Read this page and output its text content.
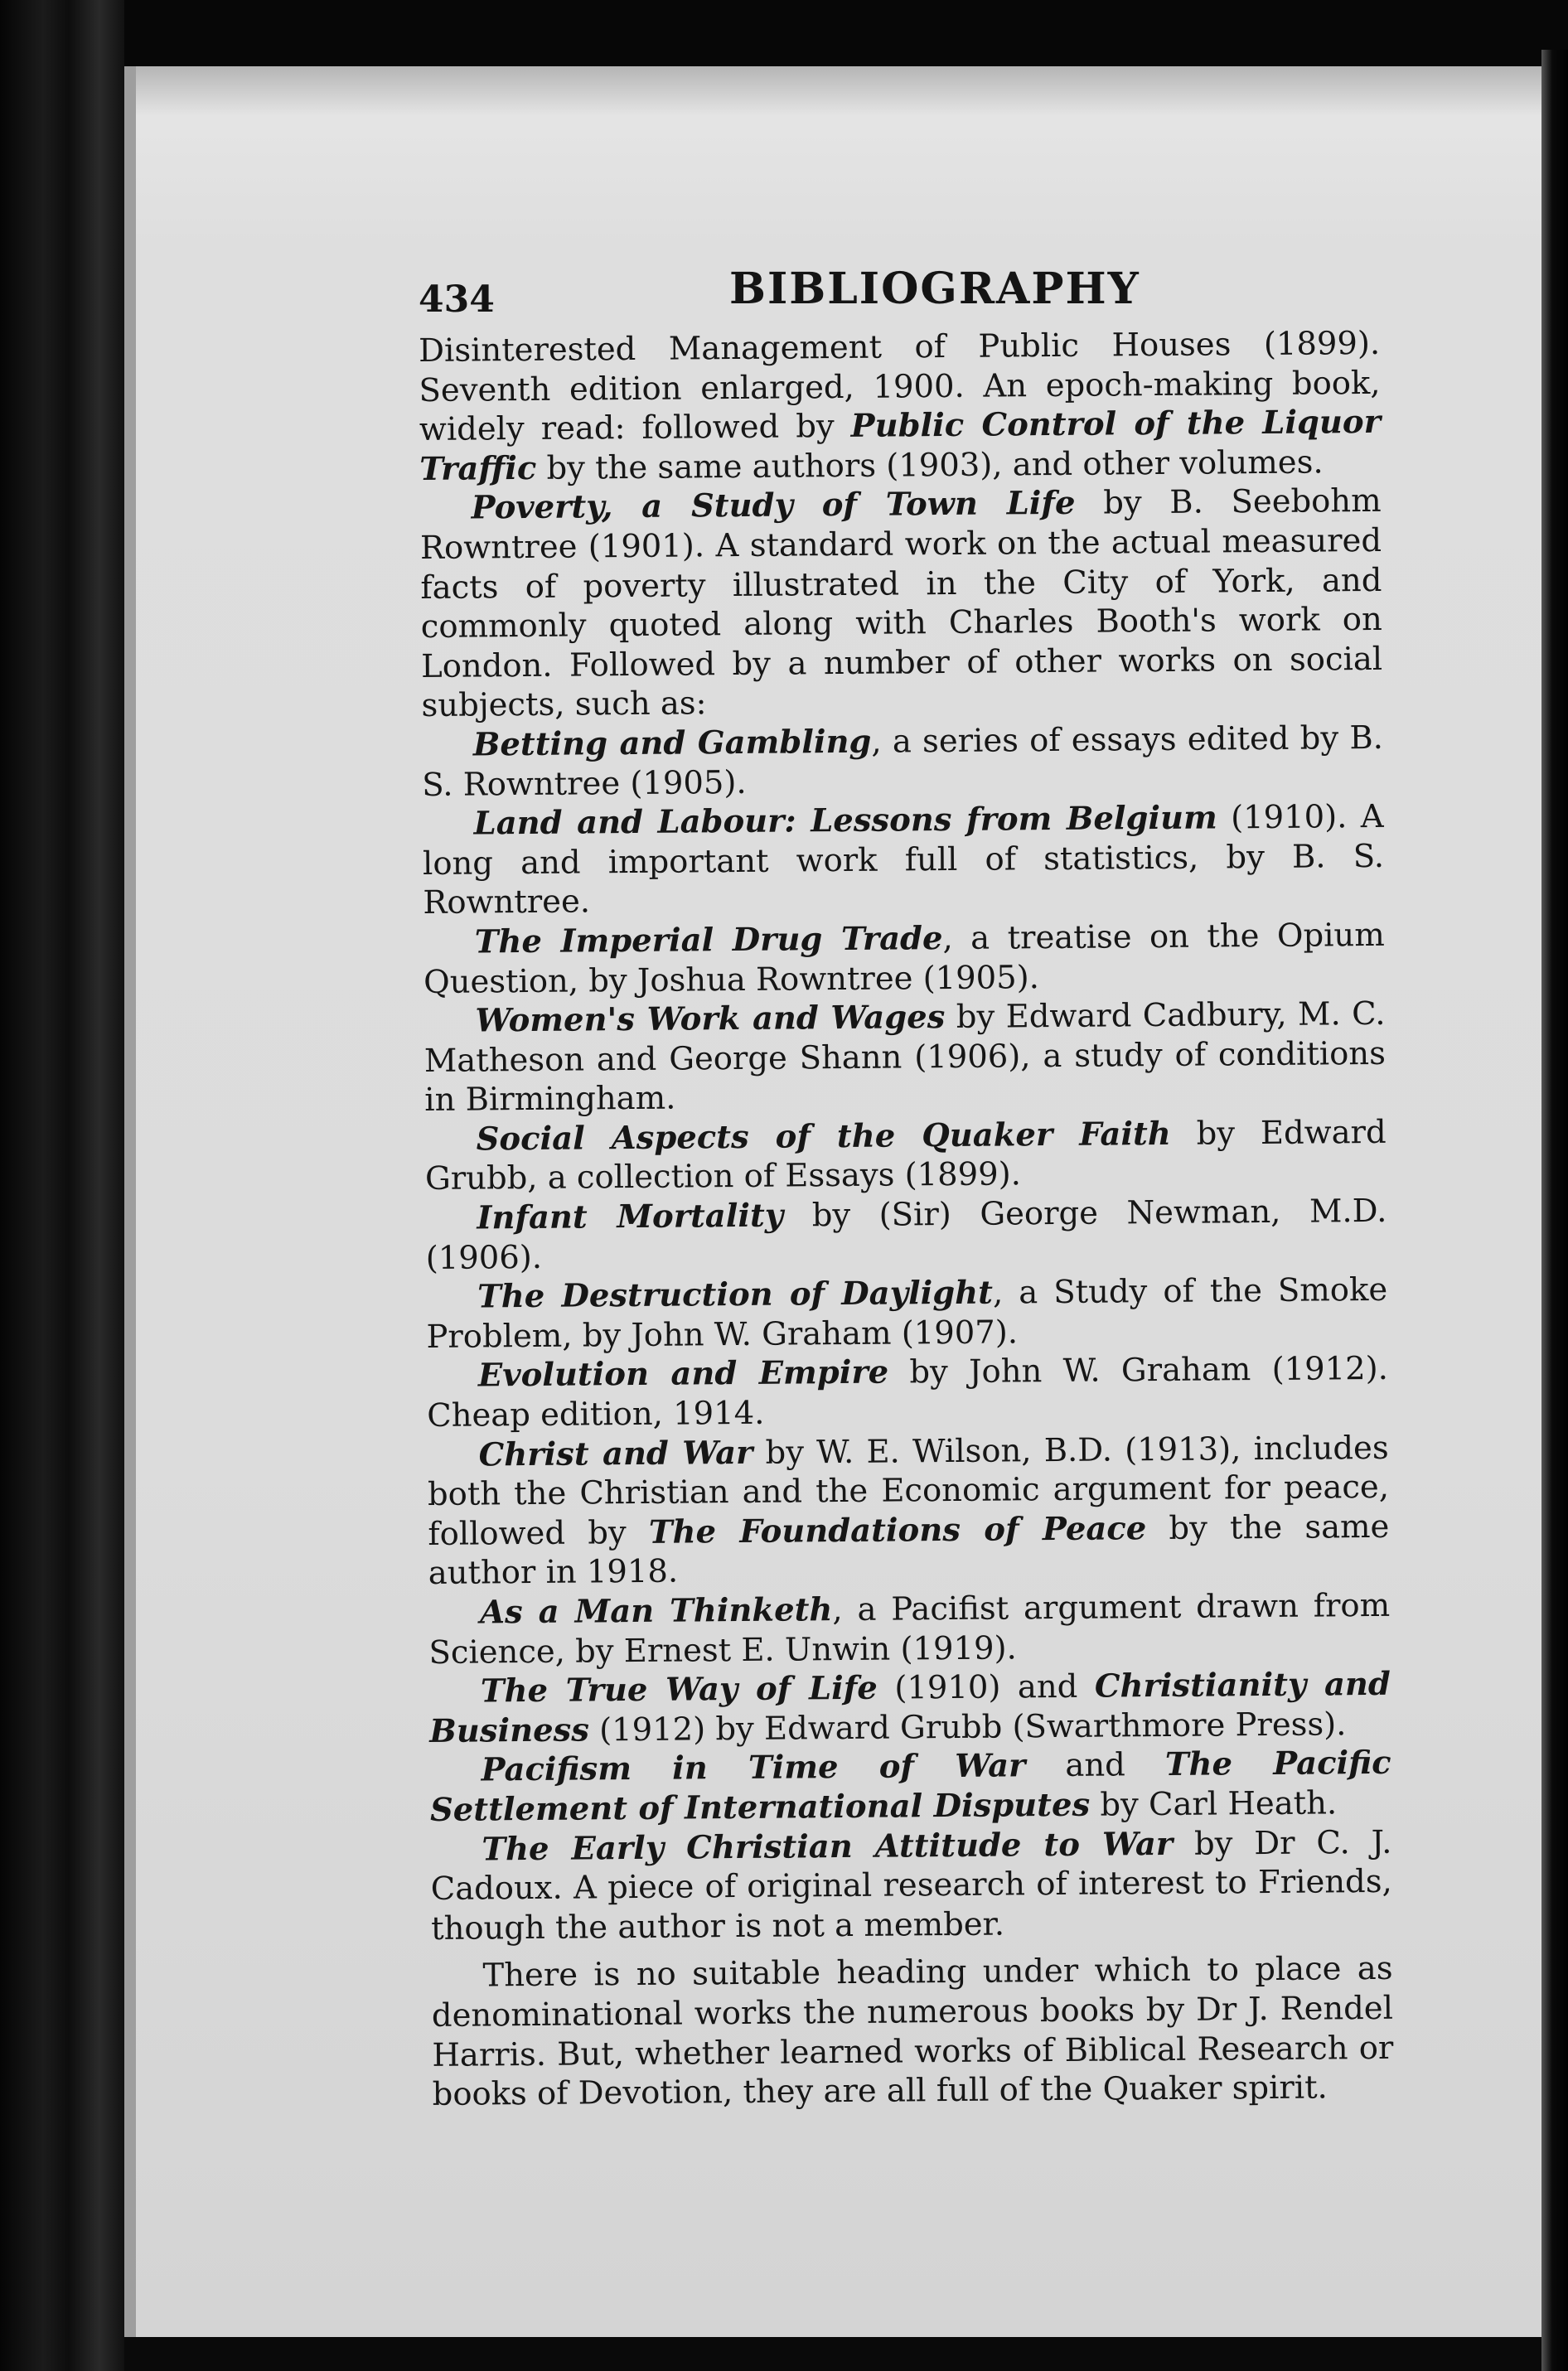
434	BIBLIOGRAPHY

Disinterested Management of Public Houses (1899). Seventh edition enlarged, 1900. An epoch-making book, widely read: followed by Public Control of the Liquor Traffic by the same authors (1903), and other volumes.

Poverty, a Study of Town Life by B. Seebohm Rowntree (1901). A standard work on the actual measured facts of poverty illustrated in the City of York, and commonly quoted along with Charles Booth's work on London. Followed by a number of other works on social subjects, such as:

Betting and Gambling, a series of essays edited by B. S. Rowntree (1905).

Land and Labour: Lessons from Belgium (1910). A long and important work full of statistics, by B. S. Rowntree.

The Imperial Drug Trade, a treatise on the Opium Question, by Joshua Rowntree (1905).

Women's Work and Wages by Edward Cadbury, M. C. Matheson and George Shann (1906), a study of conditions in Birmingham.

Social Aspects of the Quaker Faith by Edward Grubb, a collection of Essays (1899).

Infant Mortality by (Sir) George Newman, M.D. (1906).

The Destruction of Daylight, a Study of the Smoke Problem, by John W. Graham (1907).

Evolution and Empire by John W. Graham (1912). Cheap edition, 1914.

Christ and War by W. E. Wilson, B.D. (1913), includes both the Christian and the Economic argument for peace, followed by The Foundations of Peace by the same author in 1918.

As a Man Thinketh, a Pacifist argument drawn from Science, by Ernest E. Unwin (1919).

The True Way of Life (1910) and Christianity and Business (1912) by Edward Grubb (Swarthmore Press).

Pacifism in Time of War and The Pacific Settlement of International Disputes by Carl Heath.

The Early Christian Attitude to War by Dr C. J. Cadoux. A piece of original research of interest to Friends, though the author is not a member.

There is no suitable heading under which to place as denominational works the numerous books by Dr J. Rendel Harris. But, whether learned works of Biblical Research or books of Devotion, they are all full of the Quaker spirit.
